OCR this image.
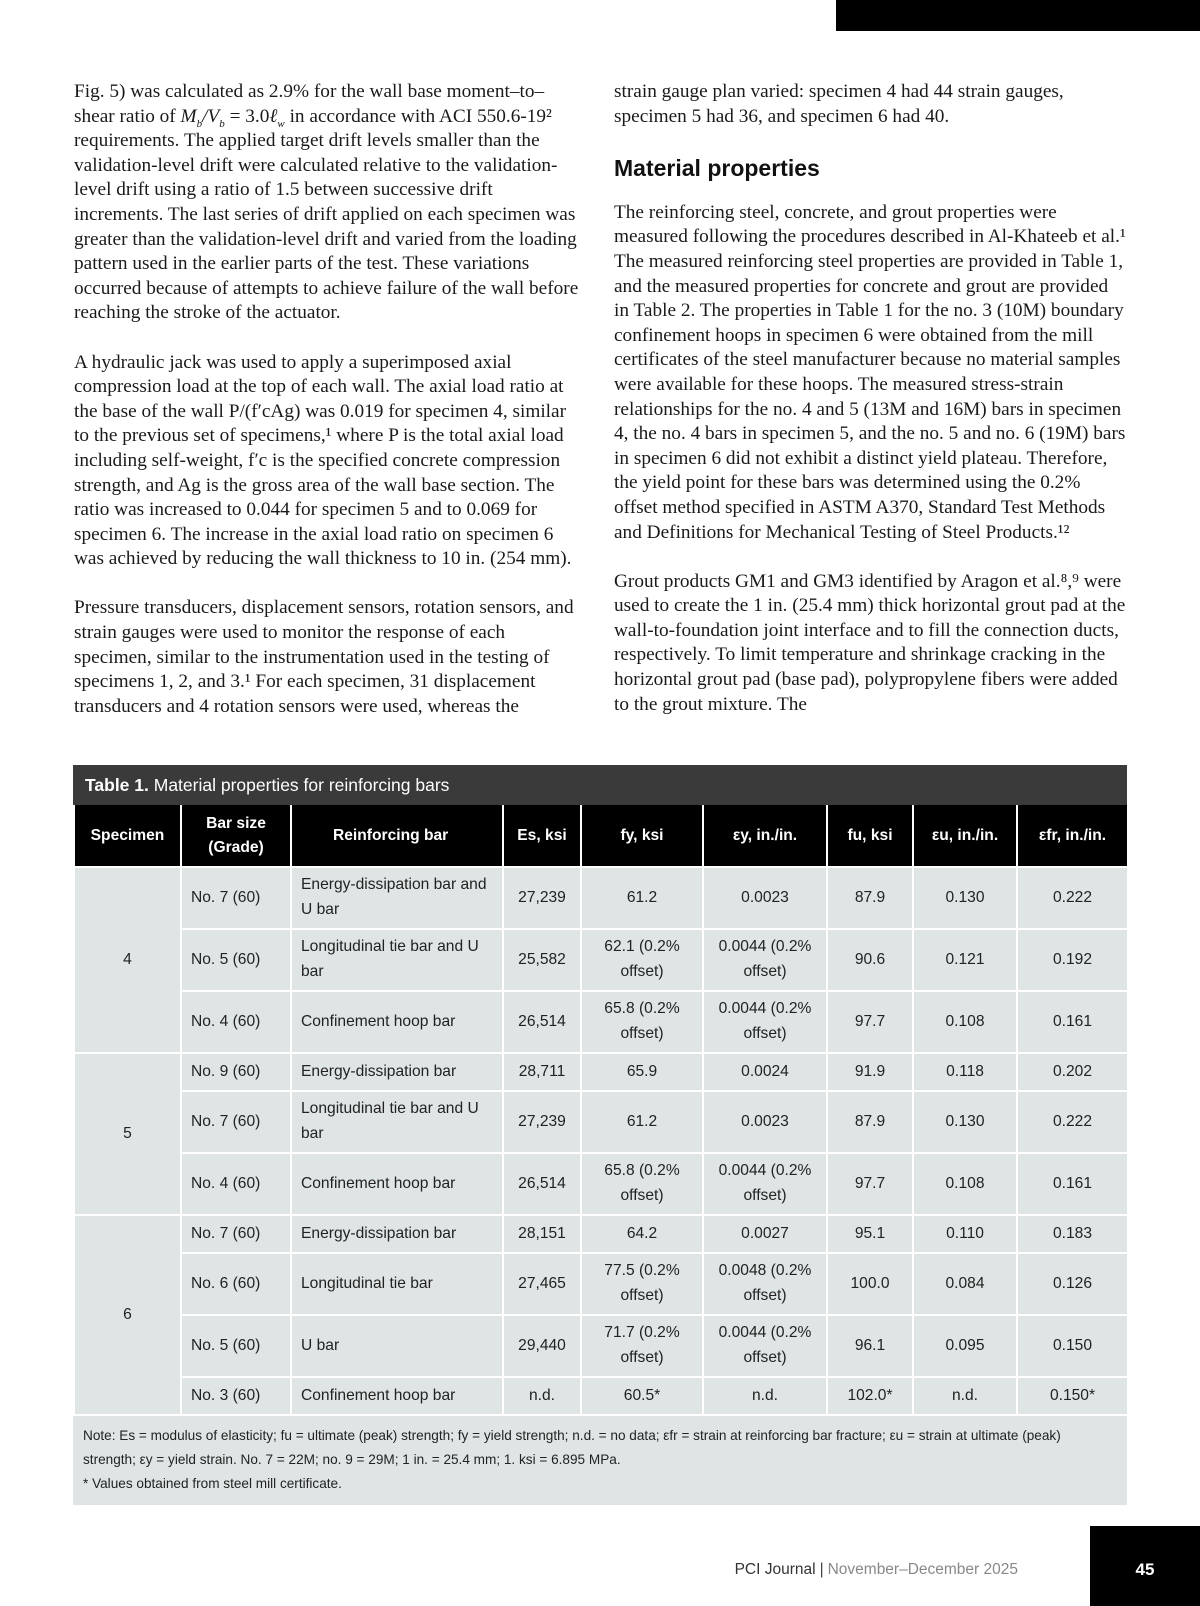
Fig. 5) was calculated as 2.9% for the wall base moment–to–shear ratio of $M_b/V_b$ = 3.0ℓ$_w$ in accordance with ACI 550.6-19² requirements. The applied target drift levels smaller than the validation-level drift were calculated relative to the validation-level drift using a ratio of 1.5 between successive drift increments. The last series of drift applied on each specimen was greater than the validation-level drift and varied from the loading pattern used in the earlier parts of the test. These variations occurred because of attempts to achieve failure of the wall before reaching the stroke of the actuator.

A hydraulic jack was used to apply a superimposed axial compression load at the top of each wall. The axial load ratio at the base of the wall P/(f′cAg) was 0.019 for specimen 4, similar to the previous set of specimens,¹ where P is the total axial load including self-weight, f′c is the specified concrete compression strength, and Ag is the gross area of the wall base section. The ratio was increased to 0.044 for specimen 5 and to 0.069 for specimen 6. The increase in the axial load ratio on specimen 6 was achieved by reducing the wall thickness to 10 in. (254 mm).

Pressure transducers, displacement sensors, rotation sensors, and strain gauges were used to monitor the response of each specimen, similar to the instrumentation used in the testing of specimens 1, 2, and 3.¹ For each specimen, 31 displacement transducers and 4 rotation sensors were used, whereas the

strain gauge plan varied: specimen 4 had 44 strain gauges, specimen 5 had 36, and specimen 6 had 40.

Material properties

The reinforcing steel, concrete, and grout properties were measured following the procedures described in Al-Khateeb et al.¹ The measured reinforcing steel properties are provided in Table 1, and the measured properties for concrete and grout are provided in Table 2. The properties in Table 1 for the no. 3 (10M) boundary confinement hoops in specimen 6 were obtained from the mill certificates of the steel manufacturer because no material samples were available for these hoops. The measured stress-strain relationships for the no. 4 and 5 (13M and 16M) bars in specimen 4, the no. 4 bars in specimen 5, and the no. 5 and no. 6 (19M) bars in specimen 6 did not exhibit a distinct yield plateau. Therefore, the yield point for these bars was determined using the 0.2% offset method specified in ASTM A370, Standard Test Methods and Definitions for Mechanical Testing of Steel Products.¹²

Grout products GM1 and GM3 identified by Aragon et al.⁸,⁹ were used to create the 1 in. (25.4 mm) thick horizontal grout pad at the wall-to-foundation joint interface and to fill the connection ducts, respectively. To limit temperature and shrinkage cracking in the horizontal grout pad (base pad), polypropylene fibers were added to the grout mixture. The

Table 1. Material properties for reinforcing bars
Specimen	Bar size (Grade)	Reinforcing bar	Es, ksi	fy, ksi	εy, in./in.	fu, ksi	εu, in./in.	εfr, in./in.
4	No. 7 (60)	Energy-dissipation bar and U bar	27,239	61.2	0.0023	87.9	0.130	0.222
	No. 5 (60)	Longitudinal tie bar and U bar	25,582	62.1 (0.2% offset)	0.0044 (0.2% offset)	90.6	0.121	0.192
	No. 4 (60)	Confinement hoop bar	26,514	65.8 (0.2% offset)	0.0044 (0.2% offset)	97.7	0.108	0.161
5	No. 9 (60)	Energy-dissipation bar	28,711	65.9	0.0024	91.9	0.118	0.202
	No. 7 (60)	Longitudinal tie bar and U bar	27,239	61.2	0.0023	87.9	0.130	0.222
	No. 4 (60)	Confinement hoop bar	26,514	65.8 (0.2% offset)	0.0044 (0.2% offset)	97.7	0.108	0.161
6	No. 7 (60)	Energy-dissipation bar	28,151	64.2	0.0027	95.1	0.110	0.183
	No. 6 (60)	Longitudinal tie bar	27,465	77.5 (0.2% offset)	0.0048 (0.2% offset)	100.0	0.084	0.126
	No. 5 (60)	U bar	29,440	71.7 (0.2% offset)	0.0044 (0.2% offset)	96.1	0.095	0.150
	No. 3 (60)	Confinement hoop bar	n.d.	60.5*	n.d.	102.0*	n.d.	0.150*
Note: Es = modulus of elasticity; fu = ultimate (peak) strength; fy = yield strength; n.d. = no data; εfr = strain at reinforcing bar fracture; εu = strain at ultimate (peak) strength; εy = yield strain. No. 7 = 22M; no. 9 = 29M; 1 in. = 25.4 mm; 1. ksi = 6.895 MPa.
* Values obtained from steel mill certificate.
PCI Journal | November–December 2025	45
